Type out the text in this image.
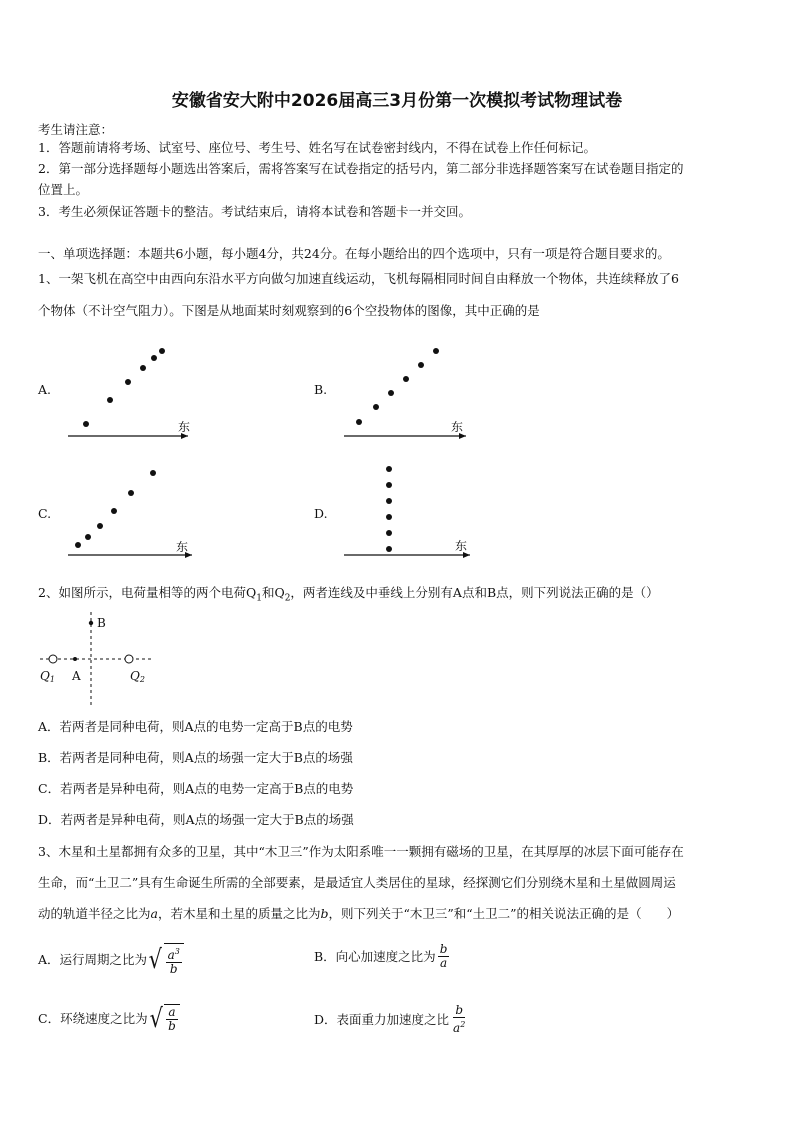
安徽省安大附中2026届高三3月份第一次模拟考试物理试卷
考生请注意：
1．答题前请将考场、试室号、座位号、考生号、姓名写在试卷密封线内，不得在试卷上作任何标记。
2．第一部分选择题每小题选出答案后，需将答案写在试卷指定的括号内，第二部分非选择题答案写在试卷题目指定的
位置上。
3．考生必须保证答题卡的整洁。考试结束后，请将本试卷和答题卡一并交回。
一、单项选择题：本题共6小题，每小题4分，共24分。在每小题给出的四个选项中，只有一项是符合题目要求的。
1、一架飞机在高空中由西向东沿水平方向做匀加速直线运动，飞机每隔相同时间自由释放一个物体，共连续释放了6
个物体（不计空气阻力）。下图是从地面某时刻观察到的6个空投物体的图像，其中正确的是
A.
东
B.
东
C.
东
D.
东
2、如图所示，电荷量相等的两个电荷$Q_1$和$Q_2$，两者连线及中垂线上分别有A点和B点，则下列说法正确的是（）
B
A
Q1	Q2
A．若两者是同种电荷，则A点的电势一定高于B点的电势
B．若两者是同种电荷，则A点的场强一定大于B点的场强
C．若两者是异种电荷，则A点的电势一定高于B点的电势
D．若两者是异种电荷，则A点的场强一定大于B点的场强
3、木星和土星都拥有众多的卫星，其中“木卫三”作为太阳系唯一一颗拥有磁场的卫星，在其厚厚的冰层下面可能存在
生命，而“土卫二”具有生命诞生所需的全部要素，是最适宜人类居住的星球，经探测它们分别绕木星和土星做圆周运
动的轨道半径之比为a，若木星和土星的质量之比为b，则下列关于“木卫三”和“土卫二”的相关说法正确的是（　　）
A．运行周期之比为 √ $\frac{a^3}{b}$	B．向心加速度之比为 $\frac{b}{a}$
C．环绕速度之比为 √ $\frac{a}{b}$	D．表面重力加速度之比 $\frac{b}{a^2}$
